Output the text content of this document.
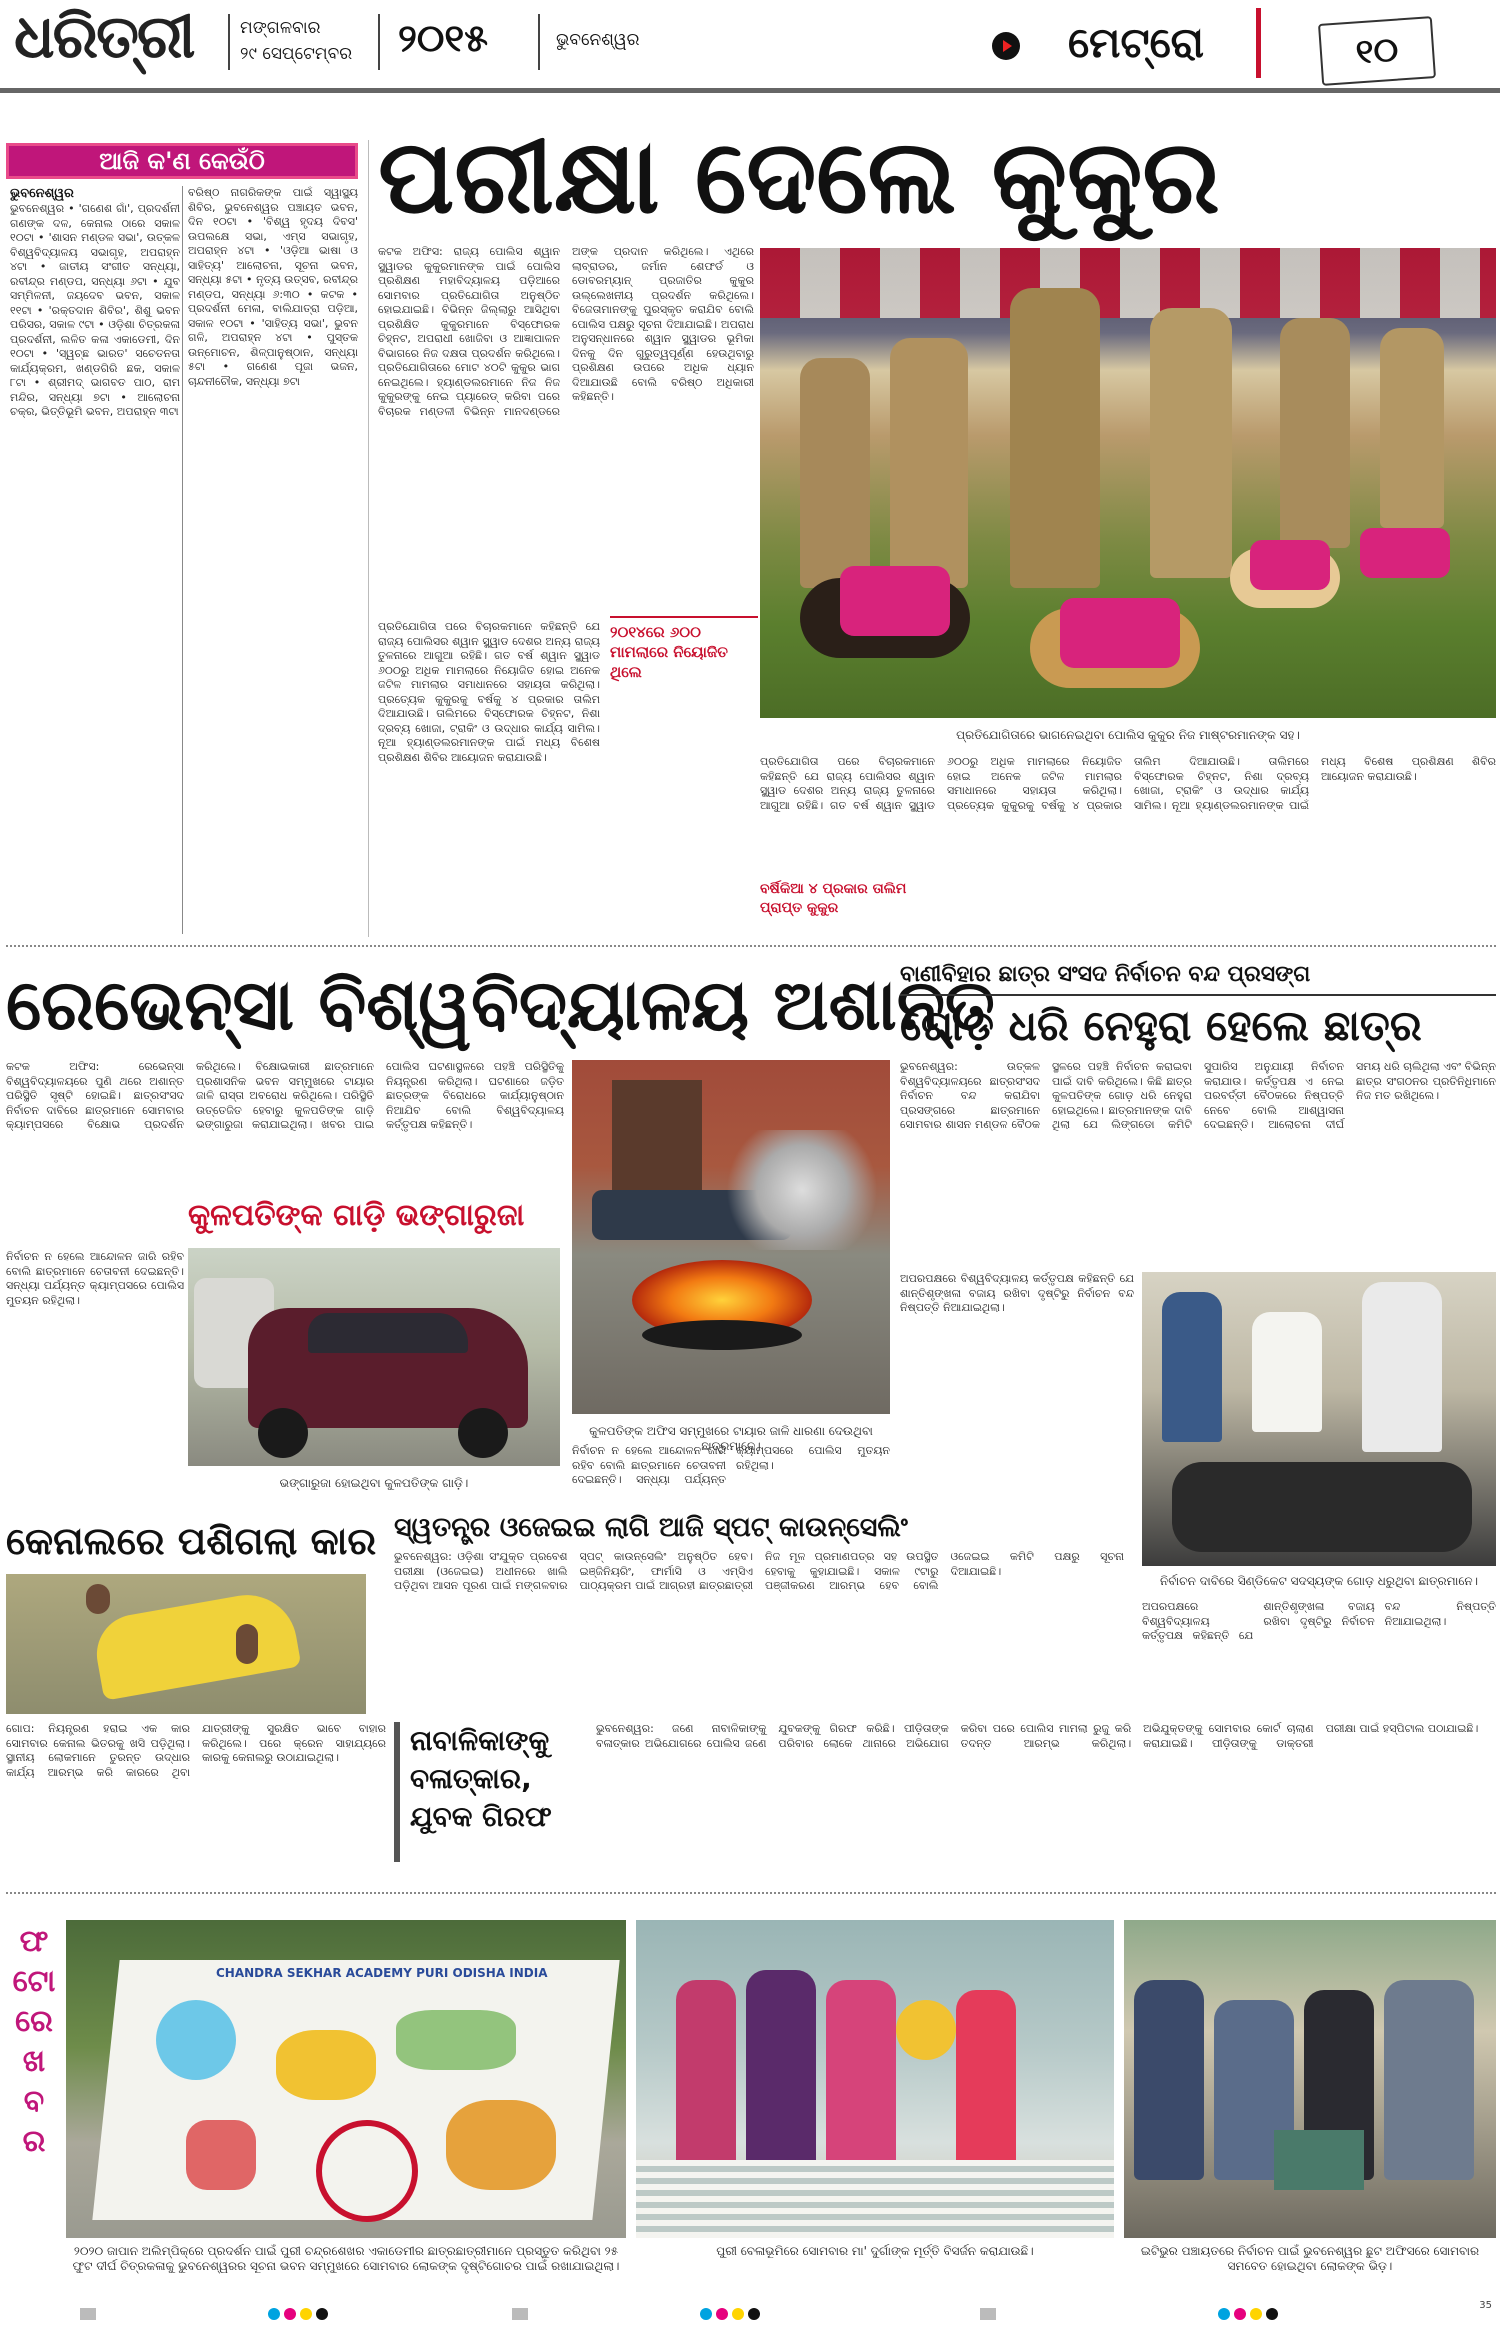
ଧରିତ୍ରୀ	ମଙ୍ଗଳବାର
୨୯ ସେପ୍ଟେମ୍ବର ୨୦୧୫	ଭୁବନେଶ୍ୱର	ମେଟ୍ରୋ	୧୦
ଆଜି କ'ଣ କେଉଁଠି
ଭୁବନେଶ୍ୱର
ଭୁବନେଶ୍ୱର • 'ଗଣେଶ ଗାଁ', ପ୍ରଦର୍ଶନୀ ଗଣଙ୍କ ଦଳ, କେନାଲ ଠାରେ ସକାଳ ୧୦ଟା • 'ଶାସନ ମଣ୍ଡଳ ସଭା', ଉତ୍କଳ ବିଶ୍ୱବିଦ୍ୟାଳୟ ସଭାଗୃହ, ଅପରାହ୍ନ ୪ଟା • ଜାତୀୟ ସଂଗୀତ ସନ୍ଧ୍ୟା, ରବୀନ୍ଦ୍ର ମଣ୍ଡପ, ସନ୍ଧ୍ୟା ୬ଟା • ଯୁବ ସମ୍ମିଳନୀ, ଜୟଦେବ ଭବନ, ସକାଳ ୧୧ଟା • 'ରକ୍ତଦାନ ଶିବିର', ଶିଶୁ ଭବନ ପରିସର, ସକାଳ ୯ଟା • ଓଡ଼ିଶା ଚିତ୍ରକଳା ପ୍ରଦର୍ଶନୀ, ଲଳିତ କଳା ଏକାଡେମୀ, ଦିନ ୧୦ଟା • 'ସ୍ୱଚ୍ଛ ଭାରତ' ସଚେତନତା କାର୍ଯ୍ୟକ୍ରମ, ଖଣ୍ଡଗିରି ଛକ, ସକାଳ ୮ଟା • ଶ୍ରୀମଦ୍ ଭାଗବତ ପାଠ, ରାମ ମନ୍ଦିର, ସନ୍ଧ୍ୟା ୭ଟା • ଆଲୋଚନା ଚକ୍ର, ଭିତ୍ତିଭୂମି ଭବନ, ଅପରାହ୍ନ ୩ଟା
ବରିଷ୍ଠ ନାଗରିକଙ୍କ ପାଇଁ ସ୍ୱାସ୍ଥ୍ୟ ଶିବିର, ଭୁବନେଶ୍ୱର ପଞ୍ଚାୟତ ଭବନ, ଦିନ ୧୦ଟା • 'ବିଶ୍ୱ ହୃଦୟ ଦିବସ' ଉପଲକ୍ଷେ ସଭା, ଏମ୍ସ ସଭାଗୃହ, ଅପରାହ୍ନ ୪ଟା • 'ଓଡ଼ିଆ ଭାଷା ଓ ସାହିତ୍ୟ' ଆଲୋଚନା, ସୂଚନା ଭବନ, ସନ୍ଧ୍ୟା ୫ଟା • ନୃତ୍ୟ ଉତ୍ସବ, ରବୀନ୍ଦ୍ର ମଣ୍ଡପ, ସନ୍ଧ୍ୟା ୬:୩୦ • କଟକ • ପ୍ରଦର୍ଶନୀ ମେଳା, ବାଲିଯାତ୍ରା ପଡ଼ିଆ, ସକାଳ ୧୦ଟା • 'ସାହିତ୍ୟ ସଭା', ଭୁବନ ଗଳି, ଅପରାହ୍ନ ୪ଟା • ପୁସ୍ତକ ଉନ୍ମୋଚନ, ଶିଳ୍ପାନୁଷ୍ଠାନ, ସନ୍ଧ୍ୟା ୫ଟା • ଗଣେଶ ପୂଜା ଭଜନ, ଚାନ୍ଦନୀଚୌକ, ସନ୍ଧ୍ୟା ୭ଟା
ପରୀକ୍ଷା ଦେଲେ କୁକୁର
କଟକ ଅଫିସ: ରାଜ୍ୟ ପୋଲିସ ଶ୍ୱାନ ସ୍କ୍ୱାଡର କୁକୁରମାନଙ୍କ ପାଇଁ ପୋଲିସ ପ୍ରଶିକ୍ଷଣ ମହାବିଦ୍ୟାଳୟ ପଡ଼ିଆରେ ସୋମବାର ପ୍ରତିଯୋଗିତା ଅନୁଷ୍ଠିତ ହୋଇଯାଇଛି। ବିଭିନ୍ନ ଜିଲ୍ଲାରୁ ଆସିଥିବା ପ୍ରଶିକ୍ଷିତ କୁକୁରମାନେ ବିସ୍ଫୋରକ ଚିହ୍ନଟ, ଅପରାଧୀ ଖୋଜିବା ଓ ଆଜ୍ଞାପାଳନ ବିଭାଗରେ ନିଜ ଦକ୍ଷତା ପ୍ରଦର୍ଶନ କରିଥିଲେ। ପ୍ରତିଯୋଗିତାରେ ମୋଟ ୪୦ଟି କୁକୁର ଭାଗ ନେଇଥିଲେ। ହ୍ୟାଣ୍ଡଲରମାନେ ନିଜ ନିଜ କୁକୁରଙ୍କୁ ନେଇ ପ୍ୟାରେଡ୍ କରିବା ପରେ ବିଚାରକ ମଣ୍ଡଳୀ ବିଭିନ୍ନ ମାନଦଣ୍ଡରେ ଅଙ୍କ ପ୍ରଦାନ କରିଥିଲେ। ଏଥିରେ ଲାବ୍ରାଡର, ଜର୍ମାନ ଶେଫର୍ଡ ଓ ଡୋବରମ୍ୟାନ୍ ପ୍ରଜାତିର କୁକୁର ଉଲ୍ଲେଖନୀୟ ପ୍ରଦର୍ଶନ କରିଥିଲେ। ବିଜେତାମାନଙ୍କୁ ପୁରସ୍କୃତ କରାଯିବ ବୋଲି ପୋଲିସ ପକ୍ଷରୁ ସୂଚନା ଦିଆଯାଇଛି। ଅପରାଧ ଅନୁସନ୍ଧାନରେ ଶ୍ୱାନ ସ୍କ୍ୱାଡର ଭୂମିକା ଦିନକୁ ଦିନ ଗୁରୁତ୍ୱପୂର୍ଣ୍ଣ ହେଉଥିବାରୁ ପ୍ରଶିକ୍ଷଣ ଉପରେ ଅଧିକ ଧ୍ୟାନ ଦିଆଯାଉଛି ବୋଲି ବରିଷ୍ଠ ଅଧିକାରୀ କହିଛନ୍ତି।
୨୦୧୪ରେ ୬୦୦ ମାମଲାରେ ନିୟୋଜିତ ଥିଲେ
ପ୍ରତିଯୋଗିତା ପରେ ବିଚାରକମାନେ କହିଛନ୍ତି ଯେ ରାଜ୍ୟ ପୋଲିସର ଶ୍ୱାନ ସ୍କ୍ୱାଡ ଦେଶର ଅନ୍ୟ ରାଜ୍ୟ ତୁଳନାରେ ଆଗୁଆ ରହିଛି। ଗତ ବର୍ଷ ଶ୍ୱାନ ସ୍କ୍ୱାଡ ୬୦୦ରୁ ଅଧିକ ମାମଲାରେ ନିୟୋଜିତ ହୋଇ ଅନେକ ଜଟିଳ ମାମଲାର ସମାଧାନରେ ସହାୟତା କରିଥିଲା। ପ୍ରତ୍ୟେକ କୁକୁରକୁ ବର୍ଷକୁ ୪ ପ୍ରକାର ତାଲିମ ଦିଆଯାଉଛି। ତାଲିମରେ ବିସ୍ଫୋରକ ଚିହ୍ନଟ, ନିଶା ଦ୍ରବ୍ୟ ଖୋଜା, ଟ୍ରାକିଂ ଓ ଉଦ୍ଧାର କାର୍ଯ୍ୟ ସାମିଲ। ନୂଆ ହ୍ୟାଣ୍ଡଲରମାନଙ୍କ ପାଇଁ ମଧ୍ୟ ବିଶେଷ ପ୍ରଶିକ୍ଷଣ ଶିବିର ଆୟୋଜନ କରାଯାଉଛି।
ପ୍ରତିଯୋଗିତାରେ ଭାଗନେଇଥିବା ପୋଲିସ କୁକୁର ନିଜ ମାଷ୍ଟରମାନଙ୍କ ସହ।
ବର୍ଷିକିଆ ୪ ପ୍ରକାର ତାଲିମ ପ୍ରାପ୍ତ କୁକୁର
ପ୍ରତିଯୋଗିତା ପରେ ବିଚାରକମାନେ କହିଛନ୍ତି ଯେ ରାଜ୍ୟ ପୋଲିସର ଶ୍ୱାନ ସ୍କ୍ୱାଡ ଦେଶର ଅନ୍ୟ ରାଜ୍ୟ ତୁଳନାରେ ଆଗୁଆ ରହିଛି। ଗତ ବର୍ଷ ଶ୍ୱାନ ସ୍କ୍ୱାଡ ୬୦୦ରୁ ଅଧିକ ମାମଲାରେ ନିୟୋଜିତ ହୋଇ ଅନେକ ଜଟିଳ ମାମଲାର ସମାଧାନରେ ସହାୟତା କରିଥିଲା। ପ୍ରତ୍ୟେକ କୁକୁରକୁ ବର୍ଷକୁ ୪ ପ୍ରକାର ତାଲିମ ଦିଆଯାଉଛି। ତାଲିମରେ ବିସ୍ଫୋରକ ଚିହ୍ନଟ, ନିଶା ଦ୍ରବ୍ୟ ଖୋଜା, ଟ୍ରାକିଂ ଓ ଉଦ୍ଧାର କାର୍ଯ୍ୟ ସାମିଲ। ନୂଆ ହ୍ୟାଣ୍ଡଲରମାନଙ୍କ ପାଇଁ ମଧ୍ୟ ବିଶେଷ ପ୍ରଶିକ୍ଷଣ ଶିବିର ଆୟୋଜନ କରାଯାଉଛି।
ରେଭେନ୍ସା ବିଶ୍ୱବିଦ୍ୟାଳୟ ଅଶାନ୍ତ
କଟକ ଅଫିସ: ରେଭେନ୍ସା ବିଶ୍ୱବିଦ୍ୟାଳୟରେ ପୁଣି ଥରେ ଅଶାନ୍ତ ପରିସ୍ଥିତି ସୃଷ୍ଟି ହୋଇଛି। ଛାତ୍ରସଂସଦ ନିର୍ବାଚନ ଦାବିରେ ଛାତ୍ରମାନେ ସୋମବାର କ୍ୟାମ୍ପସରେ ବିକ୍ଷୋଭ ପ୍ରଦର୍ଶନ କରିଥିଲେ। ବିକ୍ଷୋଭକାରୀ ଛାତ୍ରମାନେ ପ୍ରଶାସନିକ ଭବନ ସମ୍ମୁଖରେ ଟାୟାର ଜାଳି ରାସ୍ତା ଅବରୋଧ କରିଥିଲେ। ପରିସ୍ଥିତି ଉତ୍ତେଜିତ ହେବାରୁ କୁଳପତିଙ୍କ ଗାଡ଼ି ଭଙ୍ଗାରୁଜା କରାଯାଇଥିଲା। ଖବର ପାଇ ପୋଲିସ ଘଟଣାସ୍ଥଳରେ ପହଞ୍ଚି ପରିସ୍ଥିତିକୁ ନିୟନ୍ତ୍ରଣ କରିଥିଲା। ଘଟଣାରେ ଜଡ଼ିତ ଛାତ୍ରଙ୍କ ବିରୋଧରେ କାର୍ଯ୍ୟାନୁଷ୍ଠାନ ନିଆଯିବ ବୋଲି ବିଶ୍ୱବିଦ୍ୟାଳୟ କର୍ତ୍ତୃପକ୍ଷ କହିଛନ୍ତି।
କୁଳପତିଙ୍କ ଗାଡ଼ି ଭଙ୍ଗାରୁଜା
ନିର୍ବାଚନ ନ ହେଲେ ଆନ୍ଦୋଳନ ଜାରି ରହିବ ବୋଲି ଛାତ୍ରମାନେ ଚେତାବନୀ ଦେଇଛନ୍ତି। ସନ୍ଧ୍ୟା ପର୍ଯ୍ୟନ୍ତ କ୍ୟାମ୍ପସରେ ପୋଲିସ ମୁତୟନ ରହିଥିଲା।
ଭଙ୍ଗାରୁଜା ହୋଇଥିବା କୁଳପତିଙ୍କ ଗାଡ଼ି।
କୁଳପତିଙ୍କ ଅଫିସ ସମ୍ମୁଖରେ ଟାୟାର ଜାଳି ଧାରଣା ଦେଉଥିବା ଛାତ୍ରମାନେ।
ନିର୍ବାଚନ ନ ହେଲେ ଆନ୍ଦୋଳନ ଜାରି ରହିବ ବୋଲି ଛାତ୍ରମାନେ ଚେତାବନୀ ଦେଇଛନ୍ତି। ସନ୍ଧ୍ୟା ପର୍ଯ୍ୟନ୍ତ କ୍ୟାମ୍ପସରେ ପୋଲିସ ମୁତୟନ ରହିଥିଲା।
ବାଣୀବିହାର ଛାତ୍ର ସଂସଦ ନିର୍ବାଚନ ବନ୍ଦ ପ୍ରସଙ୍ଗ
ଗୋଡ଼ ଧରି ନେହୁରା ହେଲେ ଛାତ୍ର
ଭୁବନେଶ୍ୱର: ଉତ୍କଳ ବିଶ୍ୱବିଦ୍ୟାଳୟରେ ଛାତ୍ରସଂସଦ ନିର୍ବାଚନ ବନ୍ଦ କରାଯିବା ପ୍ରସଙ୍ଗରେ ଛାତ୍ରମାନେ ସୋମବାର ଶାସନ ମଣ୍ଡଳ ବୈଠକ ସ୍ଥଳରେ ପହଞ୍ଚି ନିର୍ବାଚନ କରାଇବା ପାଇଁ ଦାବି କରିଥିଲେ। କିଛି ଛାତ୍ର କୁଳପତିଙ୍କ ଗୋଡ଼ ଧରି ନେହୁରା ହୋଇଥିଲେ। ଛାତ୍ରମାନଙ୍କ ଦାବି ଥିଲା ଯେ ଲିଙ୍ଗଡୋ କମିଟି ସୁପାରିସ ଅନୁଯାୟୀ ନିର୍ବାଚନ କରାଯାଉ। କର୍ତ୍ତୃପକ୍ଷ ଏ ନେଇ ପରବର୍ତ୍ତୀ ବୈଠକରେ ନିଷ୍ପତ୍ତି ନେବେ ବୋଲି ଆଶ୍ୱାସନା ଦେଇଛନ୍ତି। ଆଲୋଚନା ଦୀର୍ଘ ସମୟ ଧରି ଚାଲିଥିଲା ଏବଂ ବିଭିନ୍ନ ଛାତ୍ର ସଂଗଠନର ପ୍ରତିନିଧିମାନେ ନିଜ ମତ ରଖିଥିଲେ।
ନିର୍ବାଚନ ଦାବିରେ ସିଣ୍ଡିକେଟ ସଦସ୍ୟଙ୍କ ଗୋଡ଼ ଧରୁଥିବା ଛାତ୍ରମାନେ।
ଅପରପକ୍ଷରେ ବିଶ୍ୱବିଦ୍ୟାଳୟ କର୍ତ୍ତୃପକ୍ଷ କହିଛନ୍ତି ଯେ ଶାନ୍ତିଶୃଙ୍ଖଳା ବଜାୟ ରଖିବା ଦୃଷ୍ଟିରୁ ନିର୍ବାଚନ ବନ୍ଦ ନିଷ୍ପତ୍ତି ନିଆଯାଇଥିଲା।
ଅପରପକ୍ଷରେ ବିଶ୍ୱବିଦ୍ୟାଳୟ କର୍ତ୍ତୃପକ୍ଷ କହିଛନ୍ତି ଯେ ଶାନ୍ତିଶୃଙ୍ଖଳା ବଜାୟ ରଖିବା ଦୃଷ୍ଟିରୁ ନିର୍ବାଚନ ବନ୍ଦ ନିଷ୍ପତ୍ତି ନିଆଯାଇଥିଲା।
କେନାଲରେ ପଶିଗଲା କାର
ଗୋପ: ନିୟନ୍ତ୍ରଣ ହରାଇ ଏକ କାର ସୋମବାର କେନାଲ ଭିତରକୁ ଖସି ପଡ଼ିଥିଲା। ସ୍ଥାନୀୟ ଲୋକମାନେ ତୁରନ୍ତ ଉଦ୍ଧାର କାର୍ଯ୍ୟ ଆରମ୍ଭ କରି କାରରେ ଥିବା ଯାତ୍ରୀଙ୍କୁ ସୁରକ୍ଷିତ ଭାବେ ବାହାର କରିଥିଲେ। ପରେ କ୍ରେନ ସାହାଯ୍ୟରେ କାରକୁ କେନାଲରୁ ଉଠାଯାଇଥିଲା।
ସ୍ୱତନ୍ତ୍ର ଓଜେଇଇ ଲାଗି ଆଜି ସ୍ପଟ୍ କାଉନ୍‌ସେଲିଂ
ଭୁବନେଶ୍ୱର: ଓଡ଼ିଶା ସଂଯୁକ୍ତ ପ୍ରବେଶ ପରୀକ୍ଷା (ଓଜେଇଇ) ଅଧୀନରେ ଖାଲି ପଡ଼ିଥିବା ଆସନ ପୂରଣ ପାଇଁ ମଙ୍ଗଳବାର ସ୍ପଟ୍ କାଉନ୍‌ସେଲିଂ ଅନୁଷ୍ଠିତ ହେବ। ଇଞ୍ଜିନିୟରିଂ, ଫାର୍ମାସି ଓ ଏମ୍ସିଏ ପାଠ୍ୟକ୍ରମ ପାଇଁ ଆଗ୍ରହୀ ଛାତ୍ରଛାତ୍ରୀ ନିଜ ମୂଳ ପ୍ରମାଣପତ୍ର ସହ ଉପସ୍ଥିତ ହେବାକୁ କୁହାଯାଇଛି। ସକାଳ ୯ଟାରୁ ପଞ୍ଜୀକରଣ ଆରମ୍ଭ ହେବ ବୋଲି ଓଜେଇଇ କମିଟି ପକ୍ଷରୁ ସୂଚନା ଦିଆଯାଇଛି।
ନାବାଳିକାଙ୍କୁ ବଳାତ୍କାର, ଯୁବକ ଗିରଫ
ଭୁବନେଶ୍ୱର: ଜଣେ ନାବାଳିକାଙ୍କୁ ବଳାତ୍କାର ଅଭିଯୋଗରେ ପୋଲିସ ଜଣେ ଯୁବକଙ୍କୁ ଗିରଫ କରିଛି। ପୀଡ଼ିତାଙ୍କ ପରିବାର ଲୋକେ ଥାନାରେ ଅଭିଯୋଗ କରିବା ପରେ ପୋଲିସ ମାମଲା ରୁଜୁ କରି ତଦନ୍ତ ଆରମ୍ଭ କରିଥିଲା। ଅଭିଯୁକ୍ତଙ୍କୁ ସୋମବାର କୋର୍ଟ ଚାଲାଣ କରାଯାଇଛି। ପୀଡ଼ିତାଙ୍କୁ ଡାକ୍ତରୀ ପରୀକ୍ଷା ପାଇଁ ହସ୍ପିଟାଲ ପଠାଯାଇଛି।
ଫ
ଟୋ
ରେ
ଖ
ବ
ର
CHANDRA SEKHAR ACADEMY PURI ODISHA INDIA
୨୦୨୦ ଜାପାନ ଅଲିମ୍ପିକ୍‌ରେ ପ୍ରଦର୍ଶନ ପାଇଁ ପୁରୀ ଚନ୍ଦ୍ରଶେଖର ଏକାଡେମୀର ଛାତ୍ରଛାତ୍ରୀମାନେ ପ୍ରସ୍ତୁତ କରିଥିବା ୨୫ ଫୁଟ ଦୀର୍ଘ ଚିତ୍ରକଳାକୁ ଭୁବନେଶ୍ୱରର ସୂଚନା ଭବନ ସମ୍ମୁଖରେ ସୋମବାର ଲୋକଙ୍କ ଦୃଷ୍ଟିଗୋଚର ପାଇଁ ରଖାଯାଇଥିଲା।
ପୁରୀ ବେଳାଭୂମିରେ ସୋମବାର ମା' ଦୁର୍ଗାଙ୍କ ମୂର୍ତ୍ତି ବିସର୍ଜନ କରାଯାଉଛି।	ଇଟିଭୁର ପଞ୍ଚାୟତରେ ନିର୍ବାଚନ ପାଇଁ ଭୁବନେଶ୍ୱର ଛୁଟ ଅଫିସରେ ସୋମବାର ସମବେତ ହୋଇଥିବା ଲୋକଙ୍କ ଭିଡ଼।
35
